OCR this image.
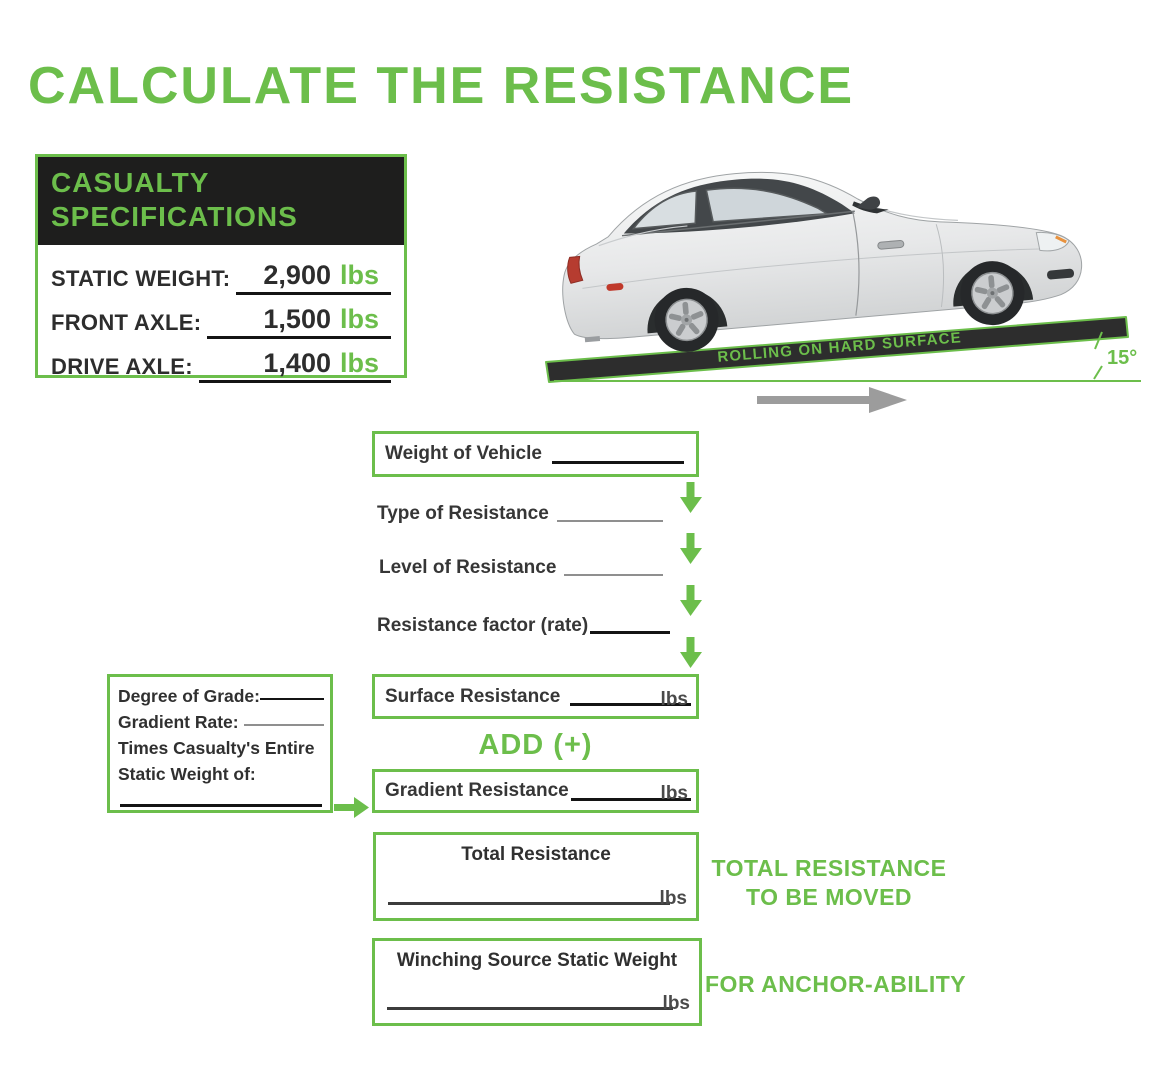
CALCULATE THE RESISTANCE
CASUALTY
SPECIFICATIONS
STATIC WEIGHT: 2,900 lbs
FRONT AXLE: 1,500 lbs
DRIVE AXLE:	1,400 lbs	ROLLING ON HARD SURFACE	15°
Weight of Vehicle
Type of Resistance
Level of Resistance
Resistance factor (rate)
Surface Resistance	lbs
ADD (+)
Degree of Grade:
Gradient Rate:
Times Casualty's Entire
Static Weight of:
Gradient Resistance	lbs
Total Resistance
lbs
TOTAL RESISTANCE
TO BE MOVED
Winching Source Static Weight
lbs
FOR ANCHOR-ABILITY
